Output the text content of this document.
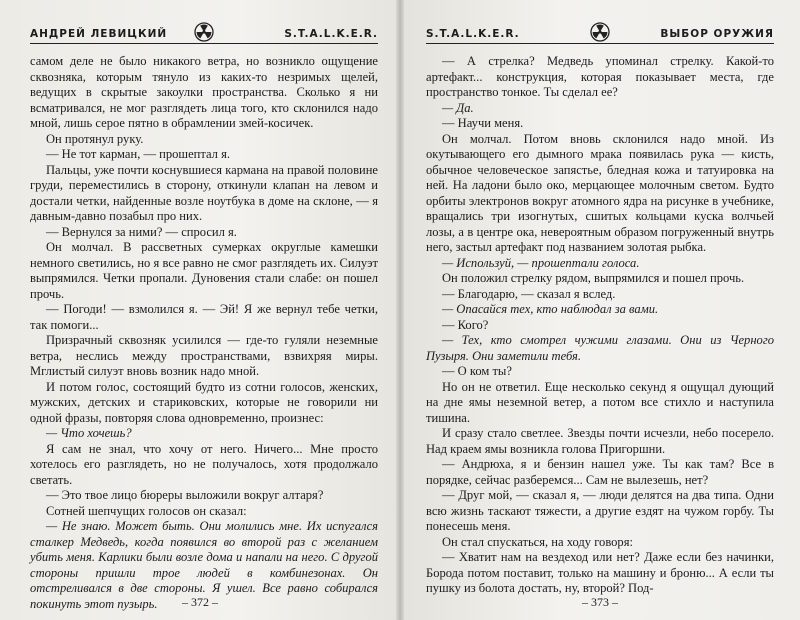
АНДРЕЙ ЛЕВИЦКИЙ	S.T.A.L.K.E.R.

самом деле не было никакого ветра, но возникло ощущение сквозняка, которым тянуло из каких-то незримых щелей, ведущих в скрытые закоулки пространства. Сколько я ни всматривался, не мог разглядеть лица того, кто склонился надо мной, лишь серое пятно в обрамлении змей-косичек.

Он протянул руку.

— Не тот карман, — прошептал я.

Пальцы, уже почти коснувшиеся кармана на правой половине груди, переместились в сторону, откинули клапан на левом и достали четки, найденные возле ноутбука в доме на склоне, — я давным-давно позабыл про них.

— Вернулся за ними? — спросил я.

Он молчал. В рассветных сумерках округлые камешки немного светились, но я все равно не смог разглядеть их. Силуэт выпрямился. Четки пропали. Дуновения стали слабе: он пошел прочь.

— Погоди! — взмолился я. — Эй! Я же вернул тебе четки, так помоги...

Призрачный сквозняк усилился — где-то гуляли неземные ветра, неслись между пространствами, взвихряя миры. Мглистый силуэт вновь возник надо мной.

И потом голос, состоящий будто из сотни голосов, женских, мужских, детских и стариковских, которые не говорили ни одной фразы, повторяя слова одновременно, произнес:

— Что хочешь?

Я сам не знал, что хочу от него. Ничего... Мне просто хотелось его разглядеть, но не получалось, хотя продолжало светать.

— Это твое лицо бюреры выложили вокруг алтаря?

Сотней шепчущих голосов он сказал:

— Не знаю. Может быть. Они молились мне. Их испугался сталкер Медведь, когда появился во второй раз с желанием убить меня. Карлики были возле дома и напали на него. С другой стороны пришли трое людей в комбинезонах. Он отстреливался в две стороны. Я ушел. Все равно собирался покинуть этот пузырь.	– 372 –
S.T.A.L.K.E.R.	ВЫБОР ОРУЖИЯ

— А стрелка? Медведь упоминал стрелку. Какой-то артефакт... конструкция, которая показывает места, где пространство тонкое. Ты сделал ее?

— Да.

— Научи меня.

Он молчал. Потом вновь склонился надо мной. Из окутывающего его дымного мрака появилась рука — кисть, обычное человеческое запястье, бледная кожа и татуировка на ней. На ладони было око, мерцающее молочным светом. Будто орбиты электронов вокруг атомного ядра на рисунке в учебнике, вращались три изогнутых, сшитых кольцами куска волчьей лозы, а в центре ока, невероятным образом погруженный внутрь него, застыл артефакт под названием золотая рыбка.

— Используй, — прошептали голоса.

Он положил стрелку рядом, выпрямился и пошел прочь.

— Благодарю, — сказал я вслед.

— Опасайся тех, кто наблюдал за вами.

— Кого?

— Тех, кто смотрел чужими глазами. Они из Черного Пузыря. Они заметили тебя.

— О ком ты?

Но он не ответил. Еще несколько секунд я ощущал дующий на дне ямы неземной ветер, а потом все стихло и наступила тишина.

И сразу стало светлее. Звезды почти исчезли, небо посерело. Над краем ямы возникла голова Пригоршни.

— Андрюха, я и бензин нашел уже. Ты как там? Все в порядке, сейчас разберемся... Сам не вылезешь, нет?

— Друг мой, — сказал я, — люди делятся на два типа. Одни всю жизнь таскают тяжести, а другие ездят на чужом горбу. Ты понесешь меня.

Он стал спускаться, на ходу говоря:

— Хватит нам на вездеход или нет? Даже если без начинки, Борода потом поставит, только на машину и броню... А если ты пушку из болота достать, ну, второй? Под-

– 373 –
